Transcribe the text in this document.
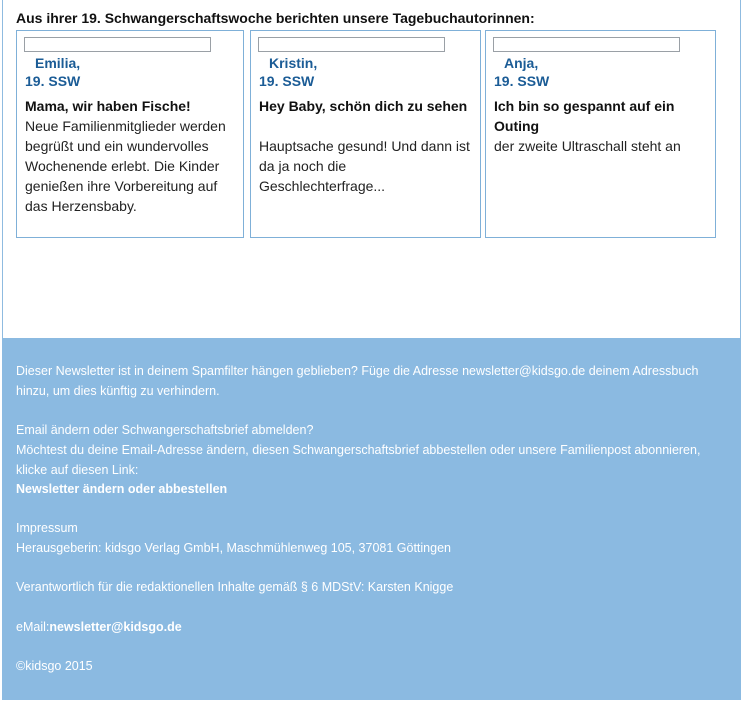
Aus ihrer 19. Schwangerschaftswoche berichten unsere Tagebuchautorinnen:
Emilia,
19. SSW
Mama, wir haben Fische!
Neue Familienmitglieder werden begrüßt und ein wundervolles Wochenende erlebt. Die Kinder genießen ihre Vorbereitung auf das Herzensbaby.
Kristin,
19. SSW
Hey Baby, schön dich zu sehen
Hauptsache gesund! Und dann ist da ja noch die Geschlechterfrage...
Anja,
19. SSW
Ich bin so gespannt auf ein Outing
der zweite Ultraschall steht an
Dieser Newsletter ist in deinem Spamfilter hängen geblieben? Füge die Adresse newsletter@kidsgo.de deinem Adressbuch hinzu, um dies künftig zu verhindern.
Email ändern oder Schwangerschaftsbrief abmelden?
Möchtest du deine Email-Adresse ändern, diesen Schwangerschaftsbrief abbestellen oder unsere Familienpost abonnieren, klicke auf diesen Link:
Newsletter ändern oder abbestellen
Impressum
Herausgeberin: kidsgo Verlag GmbH, Maschmühlenweg 105, 37081 Göttingen
Verantwortlich für die redaktionellen Inhalte gemäß § 6 MDStV: Karsten Knigge
eMail:newsletter@kidsgo.de
©kidsgo 2015
